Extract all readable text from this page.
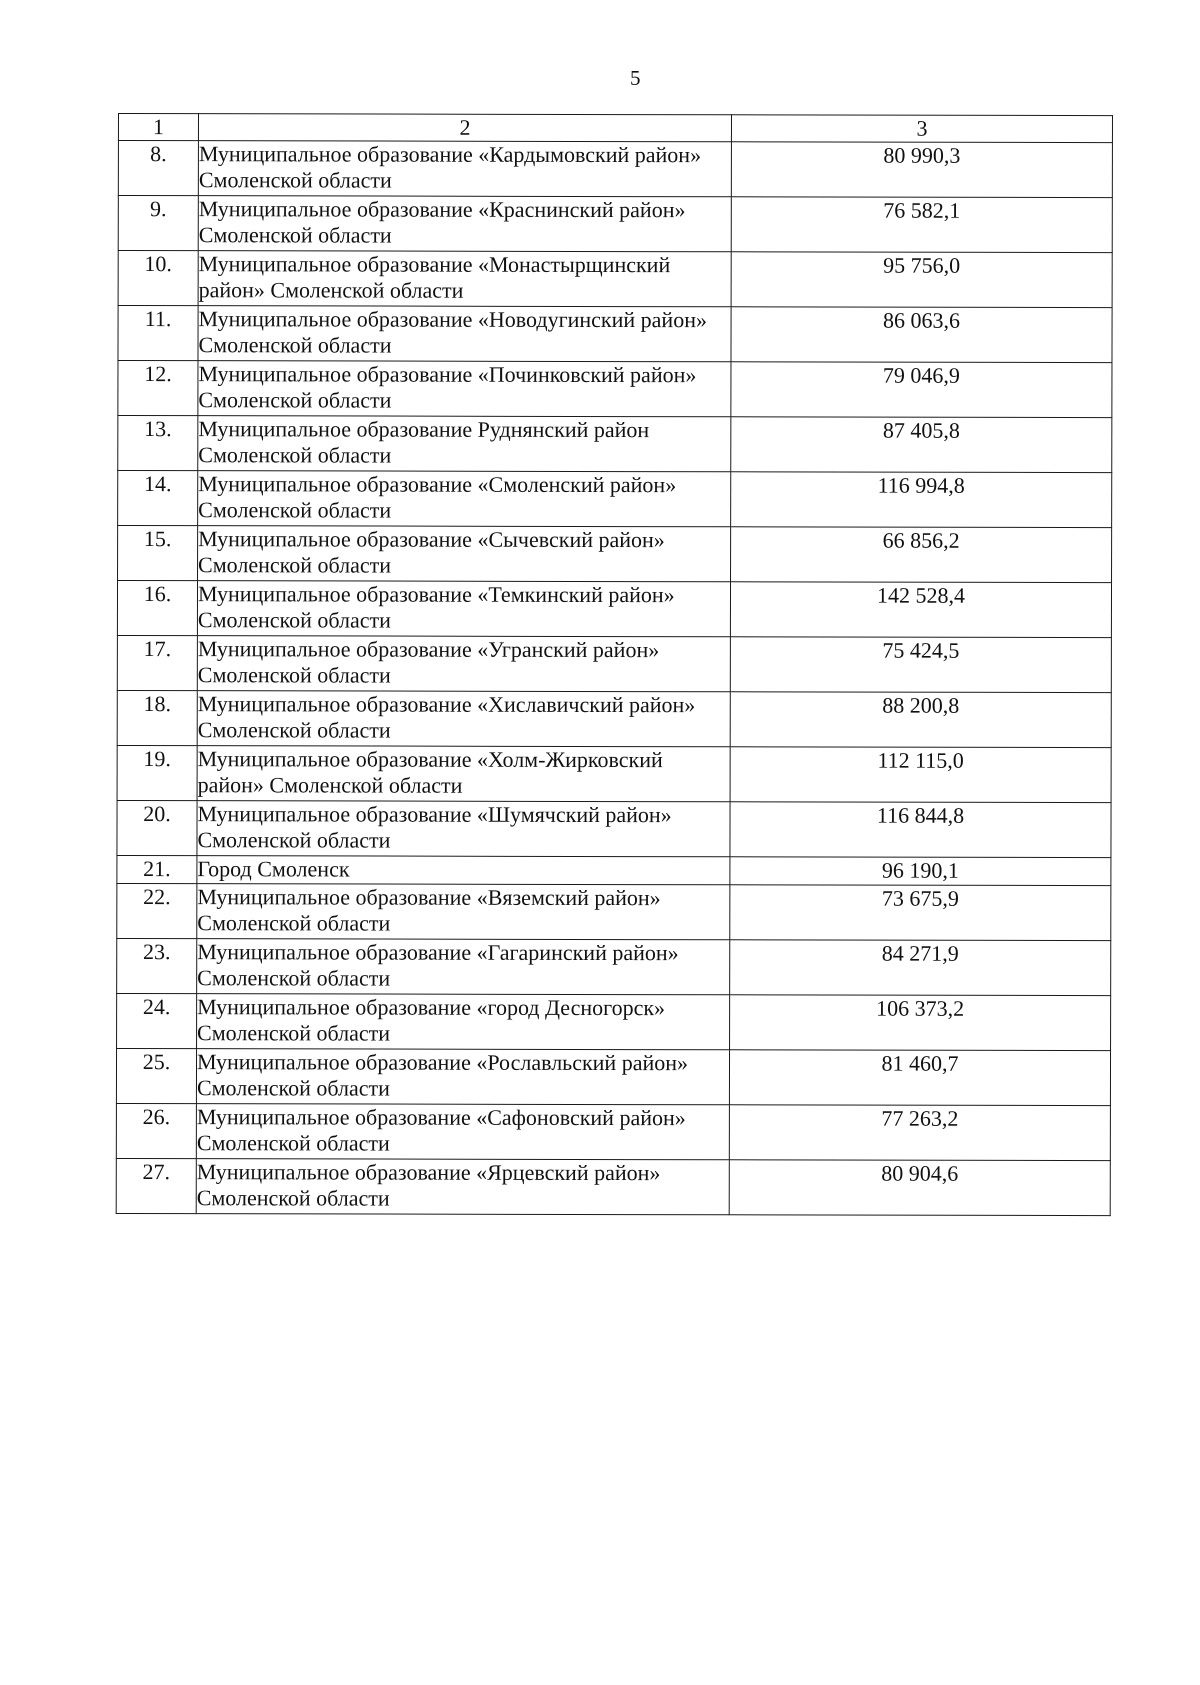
5
1	2	3
8.	Муниципальное образование «Кардымовский район» Смоленской области	80 990,3
9.	Муниципальное образование «Краснинский район» Смоленской области	76 582,1
10.	Муниципальное образование «Монастырщинский район» Смоленской области	95 756,0
11.	Муниципальное образование «Новодугинский район» Смоленской области	86 063,6
12.	Муниципальное образование «Починковский район» Смоленской области	79 046,9
13.	Муниципальное образование Руднянский район Смоленской области	87 405,8
14.	Муниципальное образование «Смоленский район» Смоленской области	116 994,8
15.	Муниципальное образование «Сычевский район» Смоленской области	66 856,2
16.	Муниципальное образование «Темкинский район» Смоленской области	142 528,4
17.	Муниципальное образование «Угранский район» Смоленской области	75 424,5
18.	Муниципальное образование «Хиславичский район» Смоленской области	88 200,8
19.	Муниципальное образование «Холм-Жирковский район» Смоленской области	112 115,0
20.	Муниципальное образование «Шумячский район» Смоленской области	116 844,8
21.	Город Смоленск	96 190,1
22.	Муниципальное образование «Вяземский район» Смоленской области	73 675,9
23.	Муниципальное образование «Гагаринский район» Смоленской области	84 271,9
24.	Муниципальное образование «город Десногорск» Смоленской области	106 373,2
25.	Муниципальное образование «Рославльский район» Смоленской области	81 460,7
26.	Муниципальное образование «Сафоновский район» Смоленской области	77 263,2
27.	Муниципальное образование «Ярцевский район» Смоленской области	80 904,6
